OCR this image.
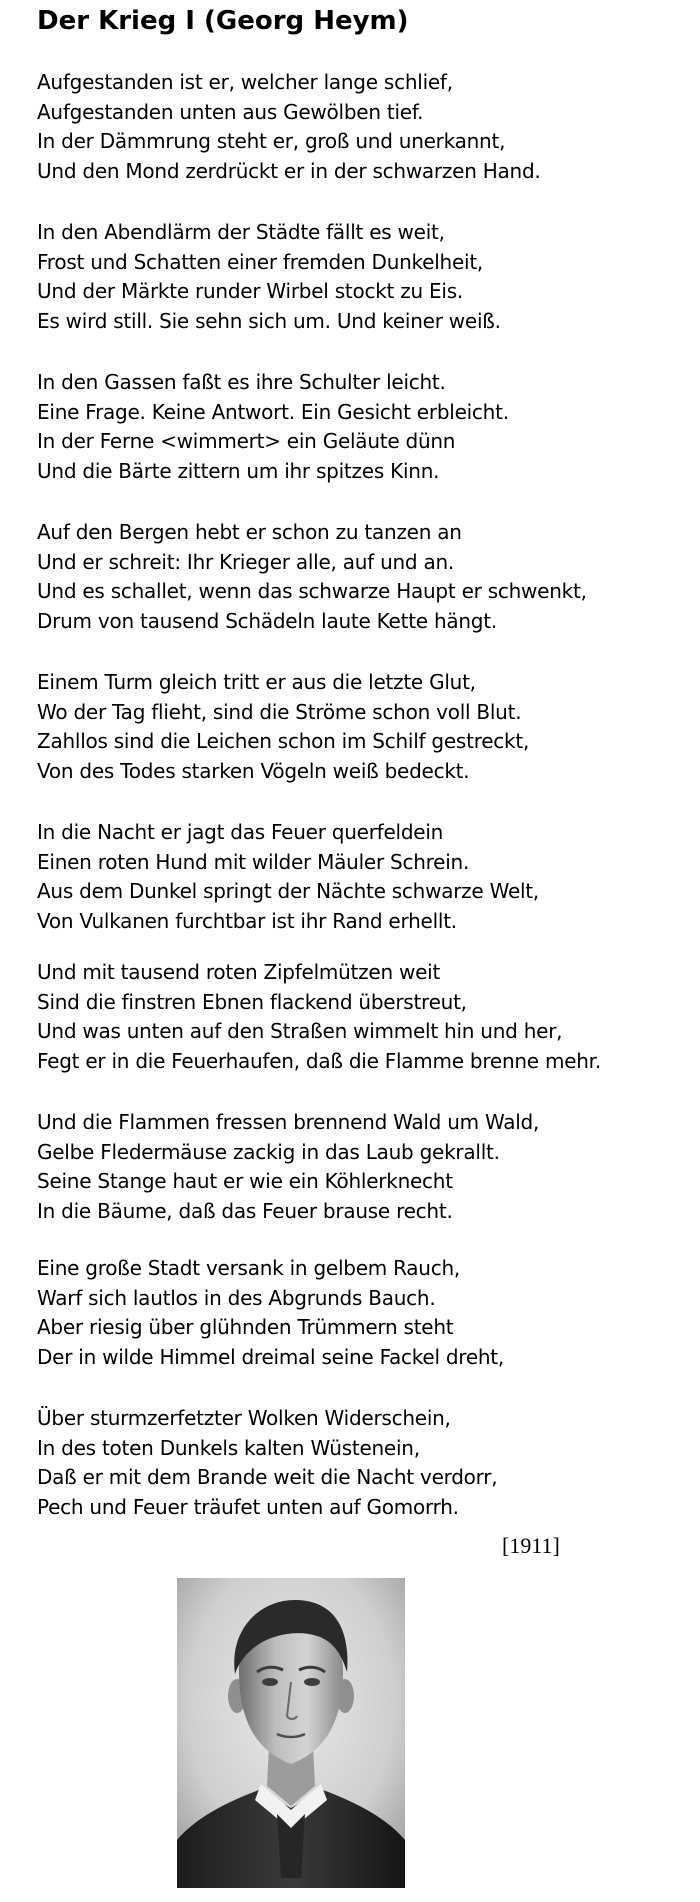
Der Krieg I (Georg Heym)

Aufgestanden ist er, welcher lange schlief,
Aufgestanden unten aus Gewölben tief.
In der Dämmrung steht er, groß und unerkannt,
Und den Mond zerdrückt er in der schwarzen Hand.

In den Abendlärm der Städte fällt es weit,
Frost und Schatten einer fremden Dunkelheit,
Und der Märkte runder Wirbel stockt zu Eis.
Es wird still. Sie sehn sich um. Und keiner weiß.

In den Gassen faßt es ihre Schulter leicht.
Eine Frage. Keine Antwort. Ein Gesicht erbleicht.
In der Ferne <wimmert> ein Geläute dünn
Und die Bärte zittern um ihr spitzes Kinn.

Auf den Bergen hebt er schon zu tanzen an
Und er schreit: Ihr Krieger alle, auf und an.
Und es schallet, wenn das schwarze Haupt er schwenkt,
Drum von tausend Schädeln laute Kette hängt.

Einem Turm gleich tritt er aus die letzte Glut,
Wo der Tag flieht, sind die Ströme schon voll Blut.
Zahllos sind die Leichen schon im Schilf gestreckt,
Von des Todes starken Vögeln weiß bedeckt.

In die Nacht er jagt das Feuer querfeldein
Einen roten Hund mit wilder Mäuler Schrein.
Aus dem Dunkel springt der Nächte schwarze Welt,
Von Vulkanen furchtbar ist ihr Rand erhellt.

Und mit tausend roten Zipfelmützen weit
Sind die finstren Ebnen flackend überstreut,
Und was unten auf den Straßen wimmelt hin und her,
Fegt er in die Feuerhaufen, daß die Flamme brenne mehr.

Und die Flammen fressen brennend Wald um Wald,
Gelbe Fledermäuse zackig in das Laub gekrallt.
Seine Stange haut er wie ein Köhlerknecht
In die Bäume, daß das Feuer brause recht.

Eine große Stadt versank in gelbem Rauch,
Warf sich lautlos in des Abgrunds Bauch.
Aber riesig über glühnden Trümmern steht
Der in wilde Himmel dreimal seine Fackel dreht,

Über sturmzerfetzter Wolken Widerschein,
In des toten Dunkels kalten Wüstenein,
Daß er mit dem Brande weit die Nacht verdorr,
Pech und Feuer träufet unten auf Gomorrh.

[1911]
